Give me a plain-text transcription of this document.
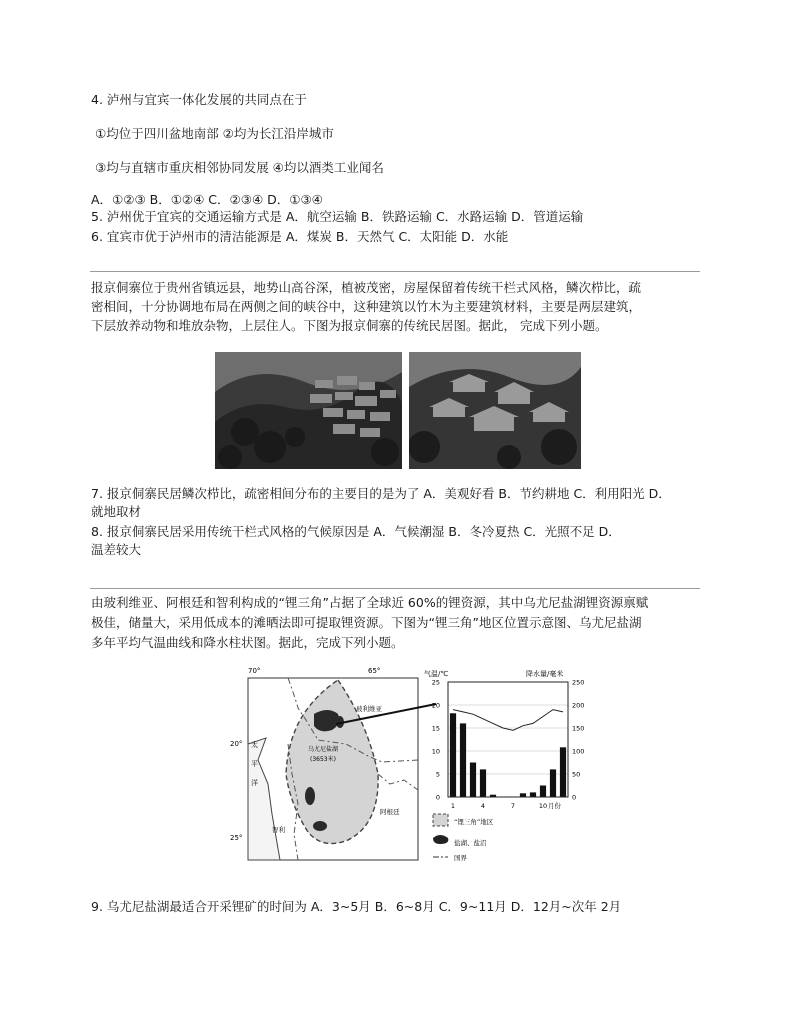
4. 泸州与宜宾一体化发展的共同点在于
①均位于四川盆地南部 ②均为长江沿岸城市
③均与直辖市重庆相邻协同发展 ④均以酒类工业闻名
A．①②③ B．①②④ C．②③④ D．①③④
5. 泸州优于宜宾的交通运输方式是 A．航空运输 B．铁路运输 C．水路运输 D．管道运输
6. 宜宾市优于泸州市的清洁能源是 A．煤炭 B．天然气 C．太阳能 D．水能
报京侗寨位于贵州省镇远县，地势山高谷深，植被茂密，房屋保留着传统干栏式风格，鳞次栉比，疏
密相间，十分协调地布局在两侧之间的峡谷中，这种建筑以竹木为主要建筑材料，主要是两层建筑，
下层放养动物和堆放杂物，上层住人。下图为报京侗寨的传统民居图。据此， 完成下列小题。
7. 报京侗寨民居鳞次栉比，疏密相间分布的主要目的是为了 A．美观好看 B．节约耕地 C．利用阳光 D．
就地取材
8. 报京侗寨民居采用传统干栏式风格的气候原因是 A．气候潮湿 B．冬冷夏热 C．光照不足 D．
温差较大
由玻利维亚、阿根廷和智利构成的“锂三角”占据了全球近 60%的锂资源，其中乌尤尼盐湖锂资源禀赋
极佳，储量大，采用低成本的滩晒法即可提取锂资源。下图为“锂三角”地区位置示意图、乌尤尼盐湖
多年平均气温曲线和降水柱状图。据此，完成下列小题。
70°	65°
20°
25°
太
平
洋
玻利维亚
乌尤尼盐湖
(3653米)
阿根廷
智利
气温/℃	降水量/毫米
25
20
15
10
5
0
250
200
150
100
50
0
1	4	7	10 月份
“锂三角”地区
盐湖、盐沼
国界
9. 乌尤尼盐湖最适合开采锂矿的时间为 A．3~5月 B．6~8月 C．9~11月 D．12月~次年 2月
